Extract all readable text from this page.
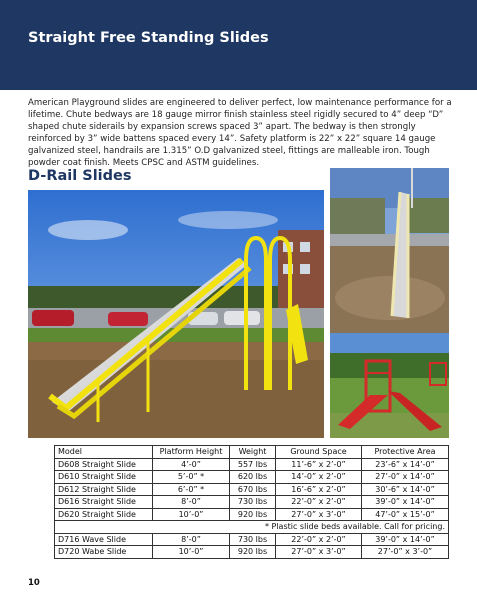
Straight Free Standing Slides
American Playground slides are engineered to deliver perfect, low maintenance performance for a lifetime. Chute bedways are 18 gauge mirror finish stainless steel rigidly secured to 4” deep “D” shaped chute siderails by expansion screws spaced 3” apart. The bedway is then strongly reinforced by 3” wide battens spaced every 14”. Safety platform is 22” x 22” square 14 gauge galvanized steel, handrails are 1.315” O.D galvanized steel, fittings are malleable iron. Tough powder coat finish. Meets CPSC and ASTM guidelines.
D-Rail Slides
Model	Platform Height	Weight	Ground Space	Protective Area
D608 Straight Slide	4’-0”	557 lbs	11’-6” x 2’-0”	23’-6” x 14’-0”
D610 Straight Slide	5’-0” *	620 lbs	14’-0” x 2’-0”	27’-0” x 14’-0”
D612 Straight Slide	6’-0” *	670 lbs	16’-6” x 2’-0”	30’-6” x 14’-0”
D616 Straight Slide	8’-0”	730 lbs	22’-0” x 2’-0”	39’-0” x 14’-0”
D620 Straight Slide	10’-0”	920 lbs	27’-0” x 3’-0”	47’-0” x 15’-0”
* Plastic slide beds available. Call for pricing.				
D716 Wave Slide	8’-0”	730 lbs	22’-0” x 2’-0”	39’-0” x 14’-0”
D720 Wabe Slide	10’-0”	920 lbs	27’-0” x 3’-0”	27’-0” x 3’-0”
10
